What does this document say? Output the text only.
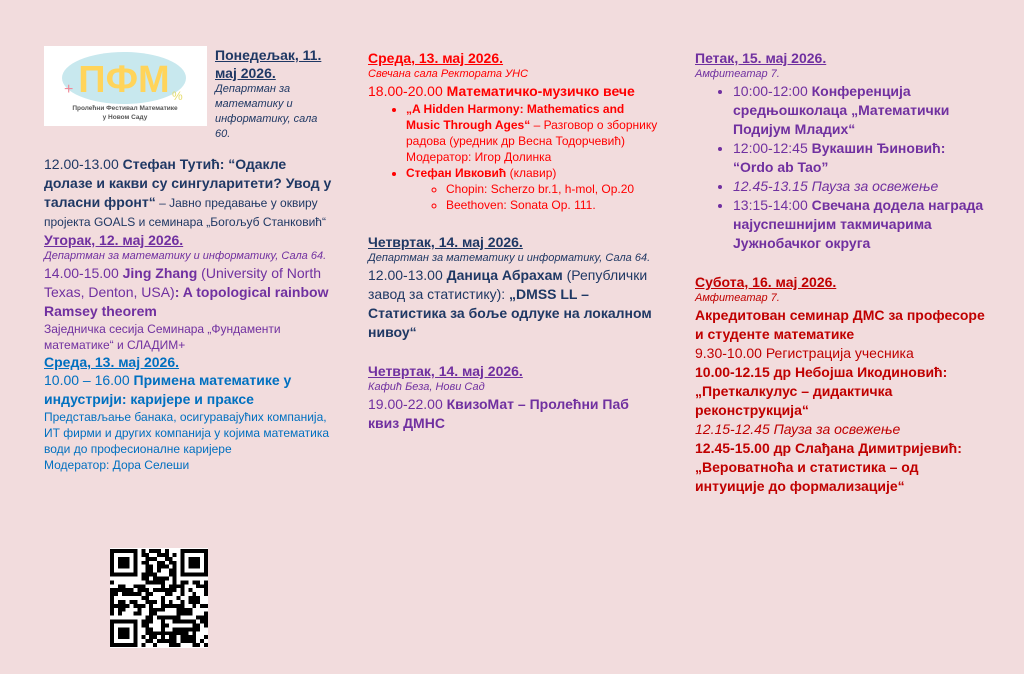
ПФМ
+	%
Пролећни Фестивал Математике
у Новом Саду
Понедељак, 11. мај 2026.
Департман за математику и информатику, сала 60.
12.00-13.00 Стефан Тутић: “Одакле долазе и какви су сингуларитети? Увод у таласни фронт“ – Јавно предавање у оквиру пројекта GOALS и семинара „Богољуб Станковић“
Уторак, 12. мај 2026.
Департман за математику и информатику, Сала 64.
14.00-15.00 Jing Zhang (University of North Texas, Denton, USA): A topological rainbow Ramsey theorem
Заједничка сесија Семинара „Фундаменти математике“ и СЛАДИМ+
Среда, 13. мај 2026.
10.00 – 16.00 Примена математике у индустрији: каријере и праксе
Представљање банака, осигуравајућих компанија, ИТ фирми и других компанија у којима математика води до професионалне каријере
Модератор: Дора Селеши
Среда, 13. мај 2026.
Свечана сала Ректората УНС
18.00-20.00 Математичко-музичко вече
• „A Hidden Harmony: Mathematics and Music Through Ages“ – Разговор о зборнику радова (уредник др Весна Тодорчевић)
Модератор: Игор Долинка
• Стефан Ивковић (клавир)
◦ Chopin: Scherzo br.1, h-mol, Op.20
◦ Beethoven: Sonata Op. 111.
Четвртак, 14. мај 2026.
Департман за математику и информатику, Сала 64.
12.00-13.00 Даница Абрахам (Републички завод за статистику): „DMSS LL – Статистика за боље одлуке на локалном нивоу“
Четвртак, 14. мај 2026.
Кафић Беза, Нови Сад
19.00-22.00 КвизоМат – Пролећни Паб квиз ДМНС
Петак, 15. мај 2026.
Амфитеатар 7.
• 10:00-12:00 Конференција средњошколаца „Математички Подијум Младих“
• 12:00-12:45 Вукашин Ђиновић: “Ordo ab Tao”
• 12.45-13.15 Пауза за освежење
• 13:15-14:00 Свечана додела награда најуспешнијим такмичарима Јужнобачког округа
Субота, 16. мај 2026.
Амфитеатар 7.
Акредитован семинар ДМС за професоре и студенте математике
9.30-10.00 Регистрација учесника
10.00-12.15 др Небојша Икодиновић: „Преткалкулус – дидактичка реконструкција“
12.15-12.45 Пауза за освежење
12.45-15.00 др Слађана Димитријевић: „Вероватноћа и статистика – од интуиције до формализације“
